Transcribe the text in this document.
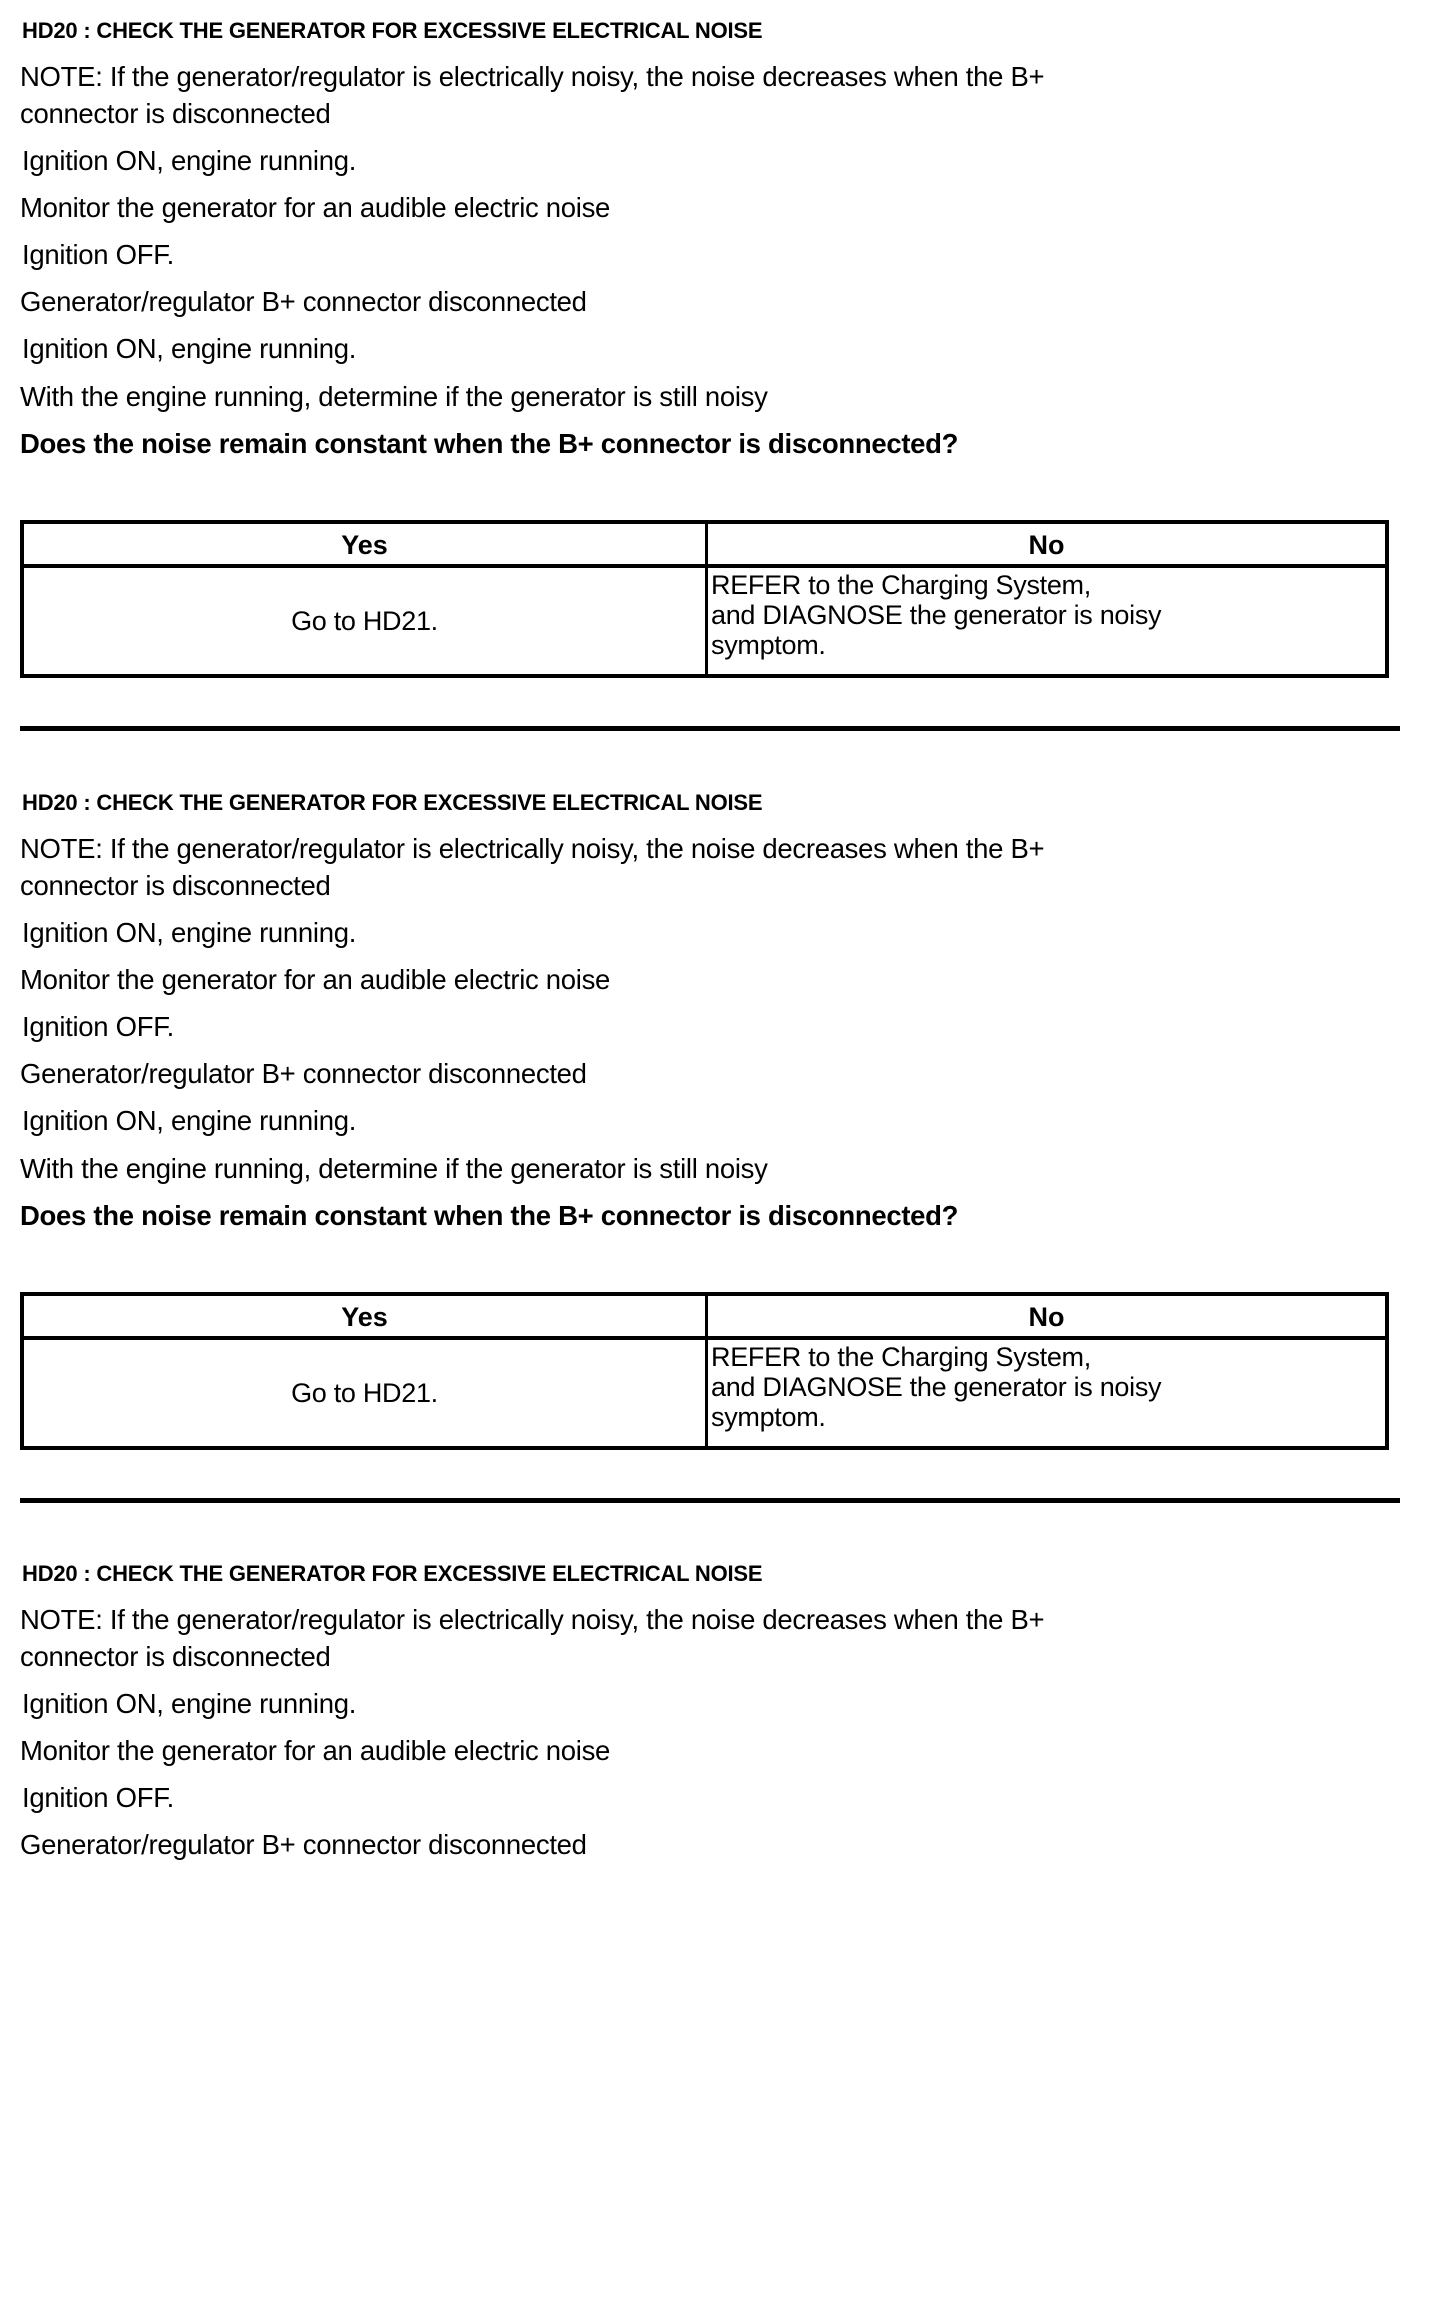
HD20 : CHECK THE GENERATOR FOR EXCESSIVE ELECTRICAL NOISE
NOTE: If the generator/regulator is electrically noisy, the noise decreases when the B+
connector is disconnected
Ignition ON, engine running.
Monitor the generator for an audible electric noise
Ignition OFF.
Generator/regulator B+ connector disconnected
Ignition ON, engine running.
With the engine running, determine if the generator is still noisy
Does the noise remain constant when the B+ connector is disconnected?
Yes	No
Go to HD21.
REFER to the Charging System,
and DIAGNOSE the generator is noisy
symptom.
HD20 : CHECK THE GENERATOR FOR EXCESSIVE ELECTRICAL NOISE
NOTE: If the generator/regulator is electrically noisy, the noise decreases when the B+
connector is disconnected
Ignition ON, engine running.
Monitor the generator for an audible electric noise
Ignition OFF.
Generator/regulator B+ connector disconnected
Ignition ON, engine running.
With the engine running, determine if the generator is still noisy
Does the noise remain constant when the B+ connector is disconnected?
Yes	No
Go to HD21.
REFER to the Charging System,
and DIAGNOSE the generator is noisy
symptom.
HD20 : CHECK THE GENERATOR FOR EXCESSIVE ELECTRICAL NOISE
NOTE: If the generator/regulator is electrically noisy, the noise decreases when the B+
connector is disconnected
Ignition ON, engine running.
Monitor the generator for an audible electric noise
Ignition OFF.
Generator/regulator B+ connector disconnected
